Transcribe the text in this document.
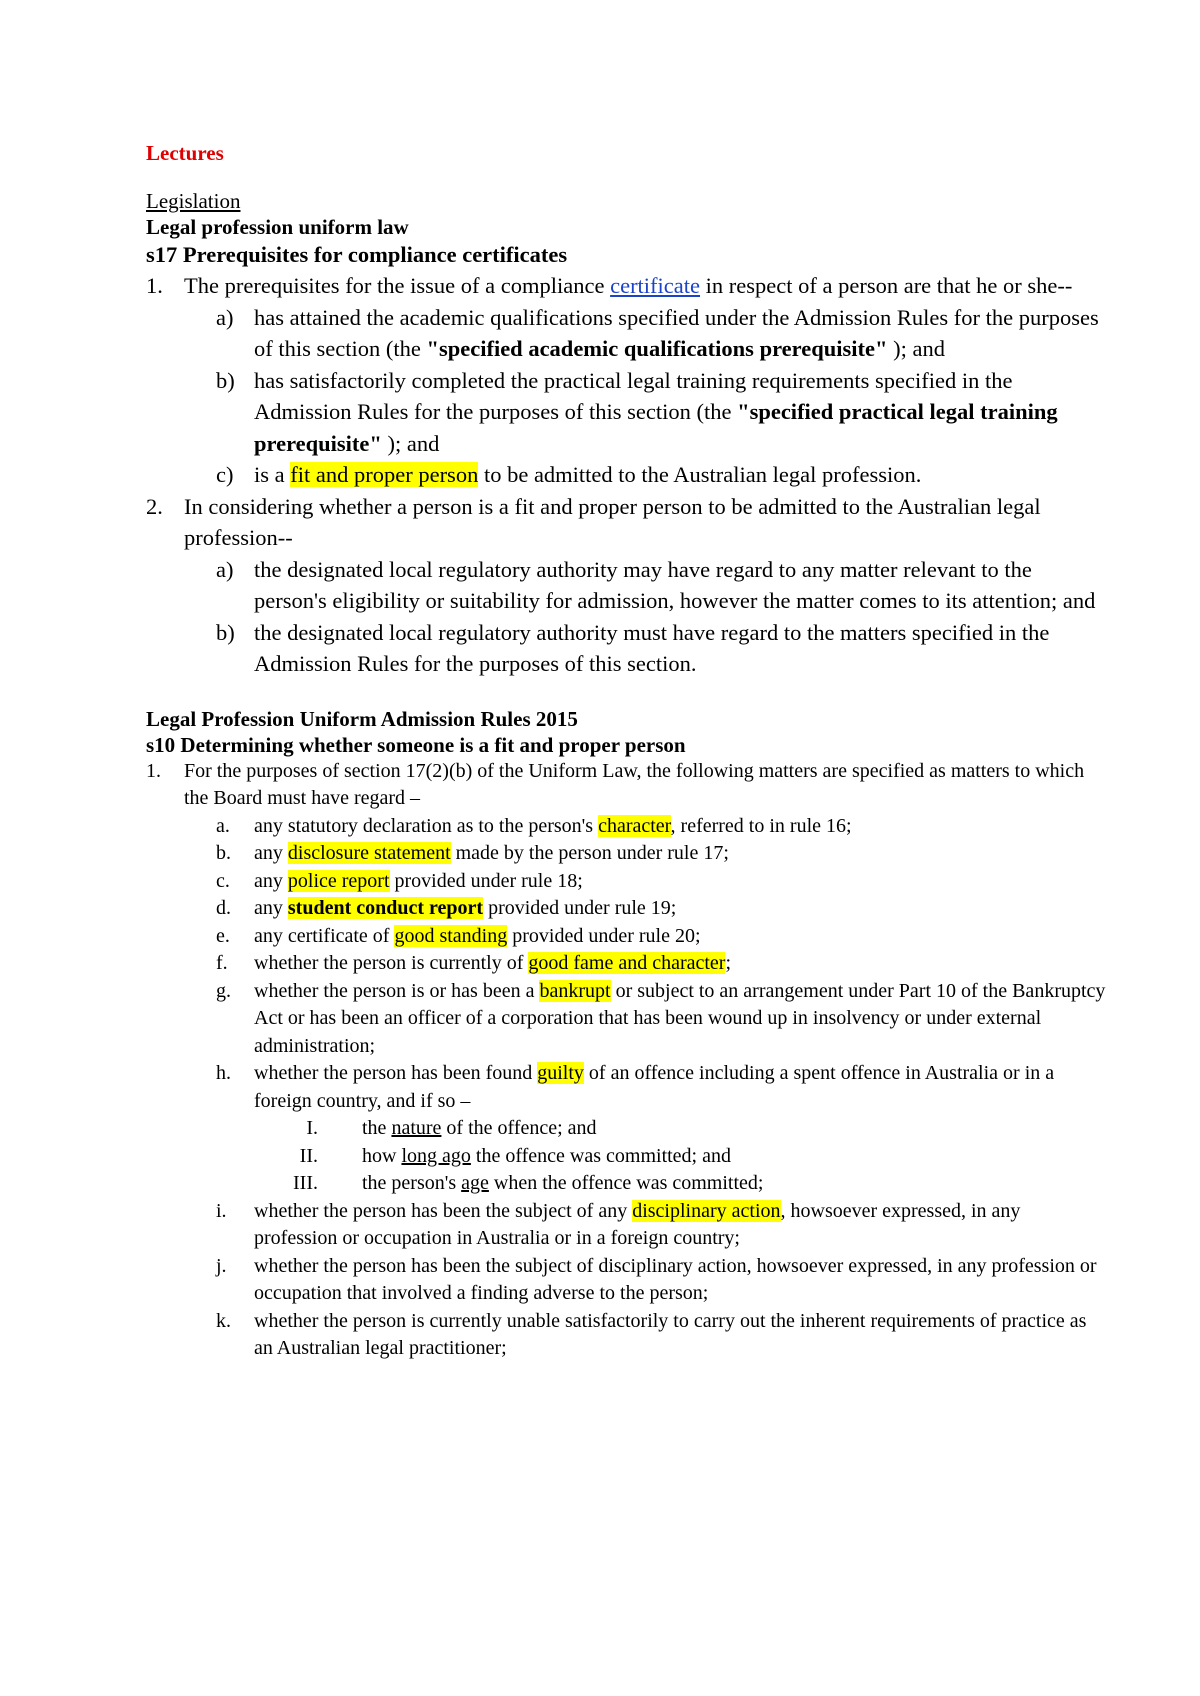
Lectures
Legislation
Legal profession uniform law
s17 Prerequisites for compliance certificates
1. The prerequisites for the issue of a compliance certificate in respect of a person are that he or she--
a) has attained the academic qualifications specified under the Admission Rules for the purposes of this section (the "specified academic qualifications prerequisite" ); and
b) has satisfactorily completed the practical legal training requirements specified in the Admission Rules for the purposes of this section (the "specified practical legal training prerequisite" ); and
c) is a fit and proper person to be admitted to the Australian legal profession.
2. In considering whether a person is a fit and proper person to be admitted to the Australian legal profession--
a) the designated local regulatory authority may have regard to any matter relevant to the person's eligibility or suitability for admission, however the matter comes to its attention; and
b) the designated local regulatory authority must have regard to the matters specified in the Admission Rules for the purposes of this section.
Legal Profession Uniform Admission Rules 2015
s10 Determining whether someone is a fit and proper person
1.	For the purposes of section 17(2)(b) of the Uniform Law, the following matters are specified as matters to which the Board must have regard –
a.	any statutory declaration as to the person's character, referred to in rule 16;
b.	any disclosure statement made by the person under rule 17;
c.	any police report provided under rule 18;
d.	any student conduct report provided under rule 19;
e.	any certificate of good standing provided under rule 20;
f.	whether the person is currently of good fame and character;
g.	whether the person is or has been a bankrupt or subject to an arrangement under Part 10 of the Bankruptcy Act or has been an officer of a corporation that has been wound up in insolvency or under external administration;
h.	whether the person has been found guilty of an offence including a spent offence in Australia or in a foreign country, and if so –
I.	the nature of the offence; and
II.	how long ago the offence was committed; and
III.	the person's age when the offence was committed;
i.	whether the person has been the subject of any disciplinary action, howsoever expressed, in any profession or occupation in Australia or in a foreign country;
j.	whether the person has been the subject of disciplinary action, howsoever expressed, in any profession or occupation that involved a finding adverse to the person;
k.	whether the person is currently unable satisfactorily to carry out the inherent requirements of practice as an Australian legal practitioner;
